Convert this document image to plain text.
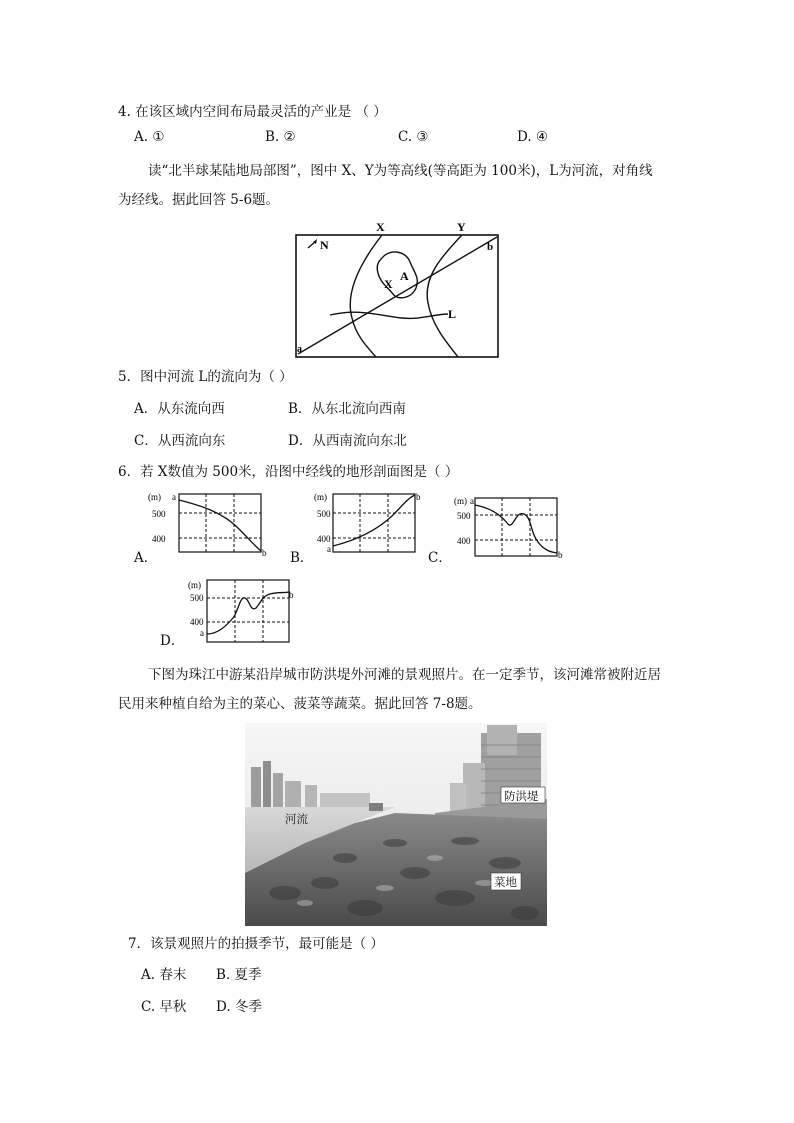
4. 在该区域内空间布局最灵活的产业是 （ ）
A. ①	B. ②	C. ③	D. ④
读“北半球某陆地局部图”，图中 X、Y为等高线(等高距为 100米)，L为河流，对角线
为经线。据此回答 5-6题。
N
X	Y
X
A
L
a
b
5．图中河流 L的流向为（ ）
A．从东流向西	B．从东北流向西南
C．从西流向东	D．从西南流向东北
6．若 X数值为 500米，沿图中经线的地形剖面图是（ ）
A．
(m) a
500
400
b B．
(m)
500
400
a
b
C．
(m) a
500
400
b
D．
(m)
500
400
a
b
下图为珠江中游某沿岸城市防洪堤外河滩的景观照片。在一定季节，该河滩常被附近居
民用来种植自给为主的菜心、菠菜等蔬菜。据此回答 7-8题。
防洪堤
河流
菜地
7．该景观照片的拍摄季节，最可能是（ ）
A. 春末 B. 夏季
C. 早秋 D. 冬季
